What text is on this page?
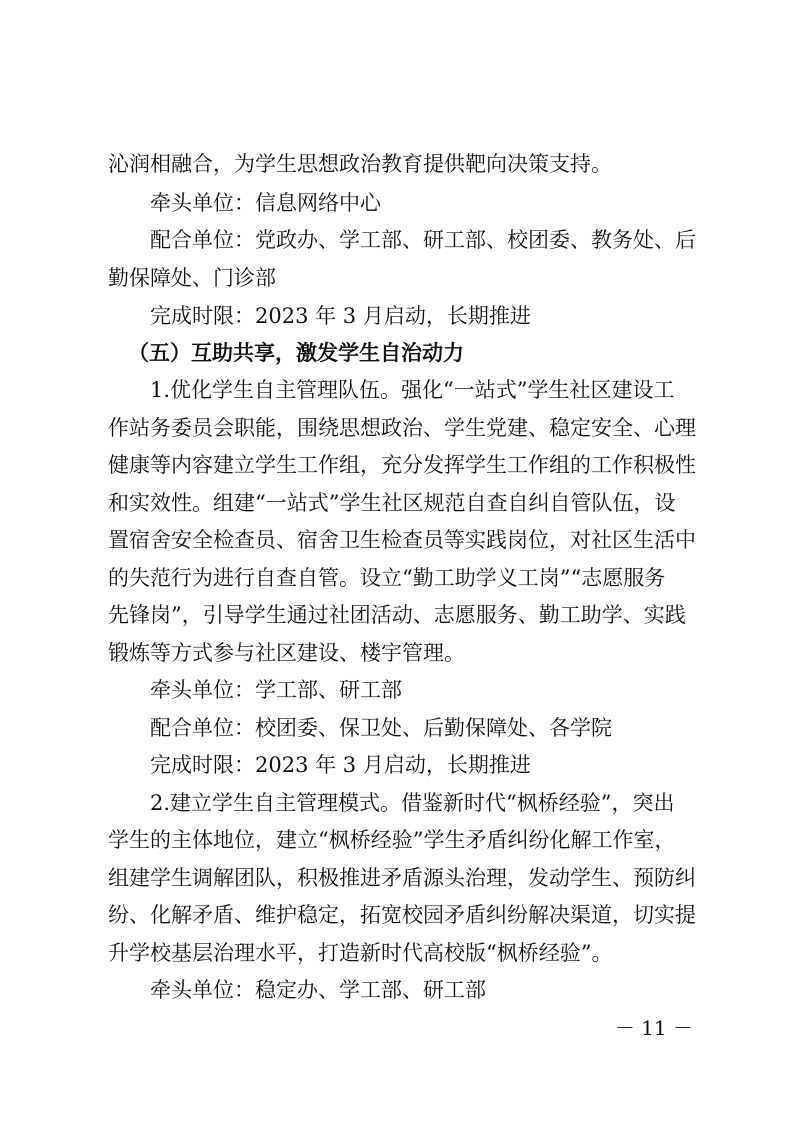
沁润相融合，为学生思想政治教育提供靶向决策支持。
牵头单位：信息网络中心
配合单位：党政办、学工部、研工部、校团委、教务处、后
勤保障处、门诊部
完成时限：2023 年 3 月启动，长期推进
（五）互助共享，激发学生自治动力
1.优化学生自主管理队伍。强化“一站式”学生社区建设工
作站务委员会职能，围绕思想政治、学生党建、稳定安全、心理
健康等内容建立学生工作组，充分发挥学生工作组的工作积极性
和实效性。组建“一站式”学生社区规范自查自纠自管队伍，设
置宿舍安全检查员、宿舍卫生检查员等实践岗位，对社区生活中
的失范行为进行自查自管。设立“勤工助学义工岗”“志愿服务
先锋岗”，引导学生通过社团活动、志愿服务、勤工助学、实践
锻炼等方式参与社区建设、楼宇管理。
牵头单位：学工部、研工部
配合单位：校团委、保卫处、后勤保障处、各学院
完成时限：2023 年 3 月启动，长期推进
2.建立学生自主管理模式。借鉴新时代“枫桥经验”，突出
学生的主体地位，建立“枫桥经验”学生矛盾纠纷化解工作室，
组建学生调解团队，积极推进矛盾源头治理，发动学生、预防纠
纷、化解矛盾、维护稳定，拓宽校园矛盾纠纷解决渠道，切实提
升学校基层治理水平，打造新时代高校版“枫桥经验”。
牵头单位：稳定办、学工部、研工部
－ 11 －
